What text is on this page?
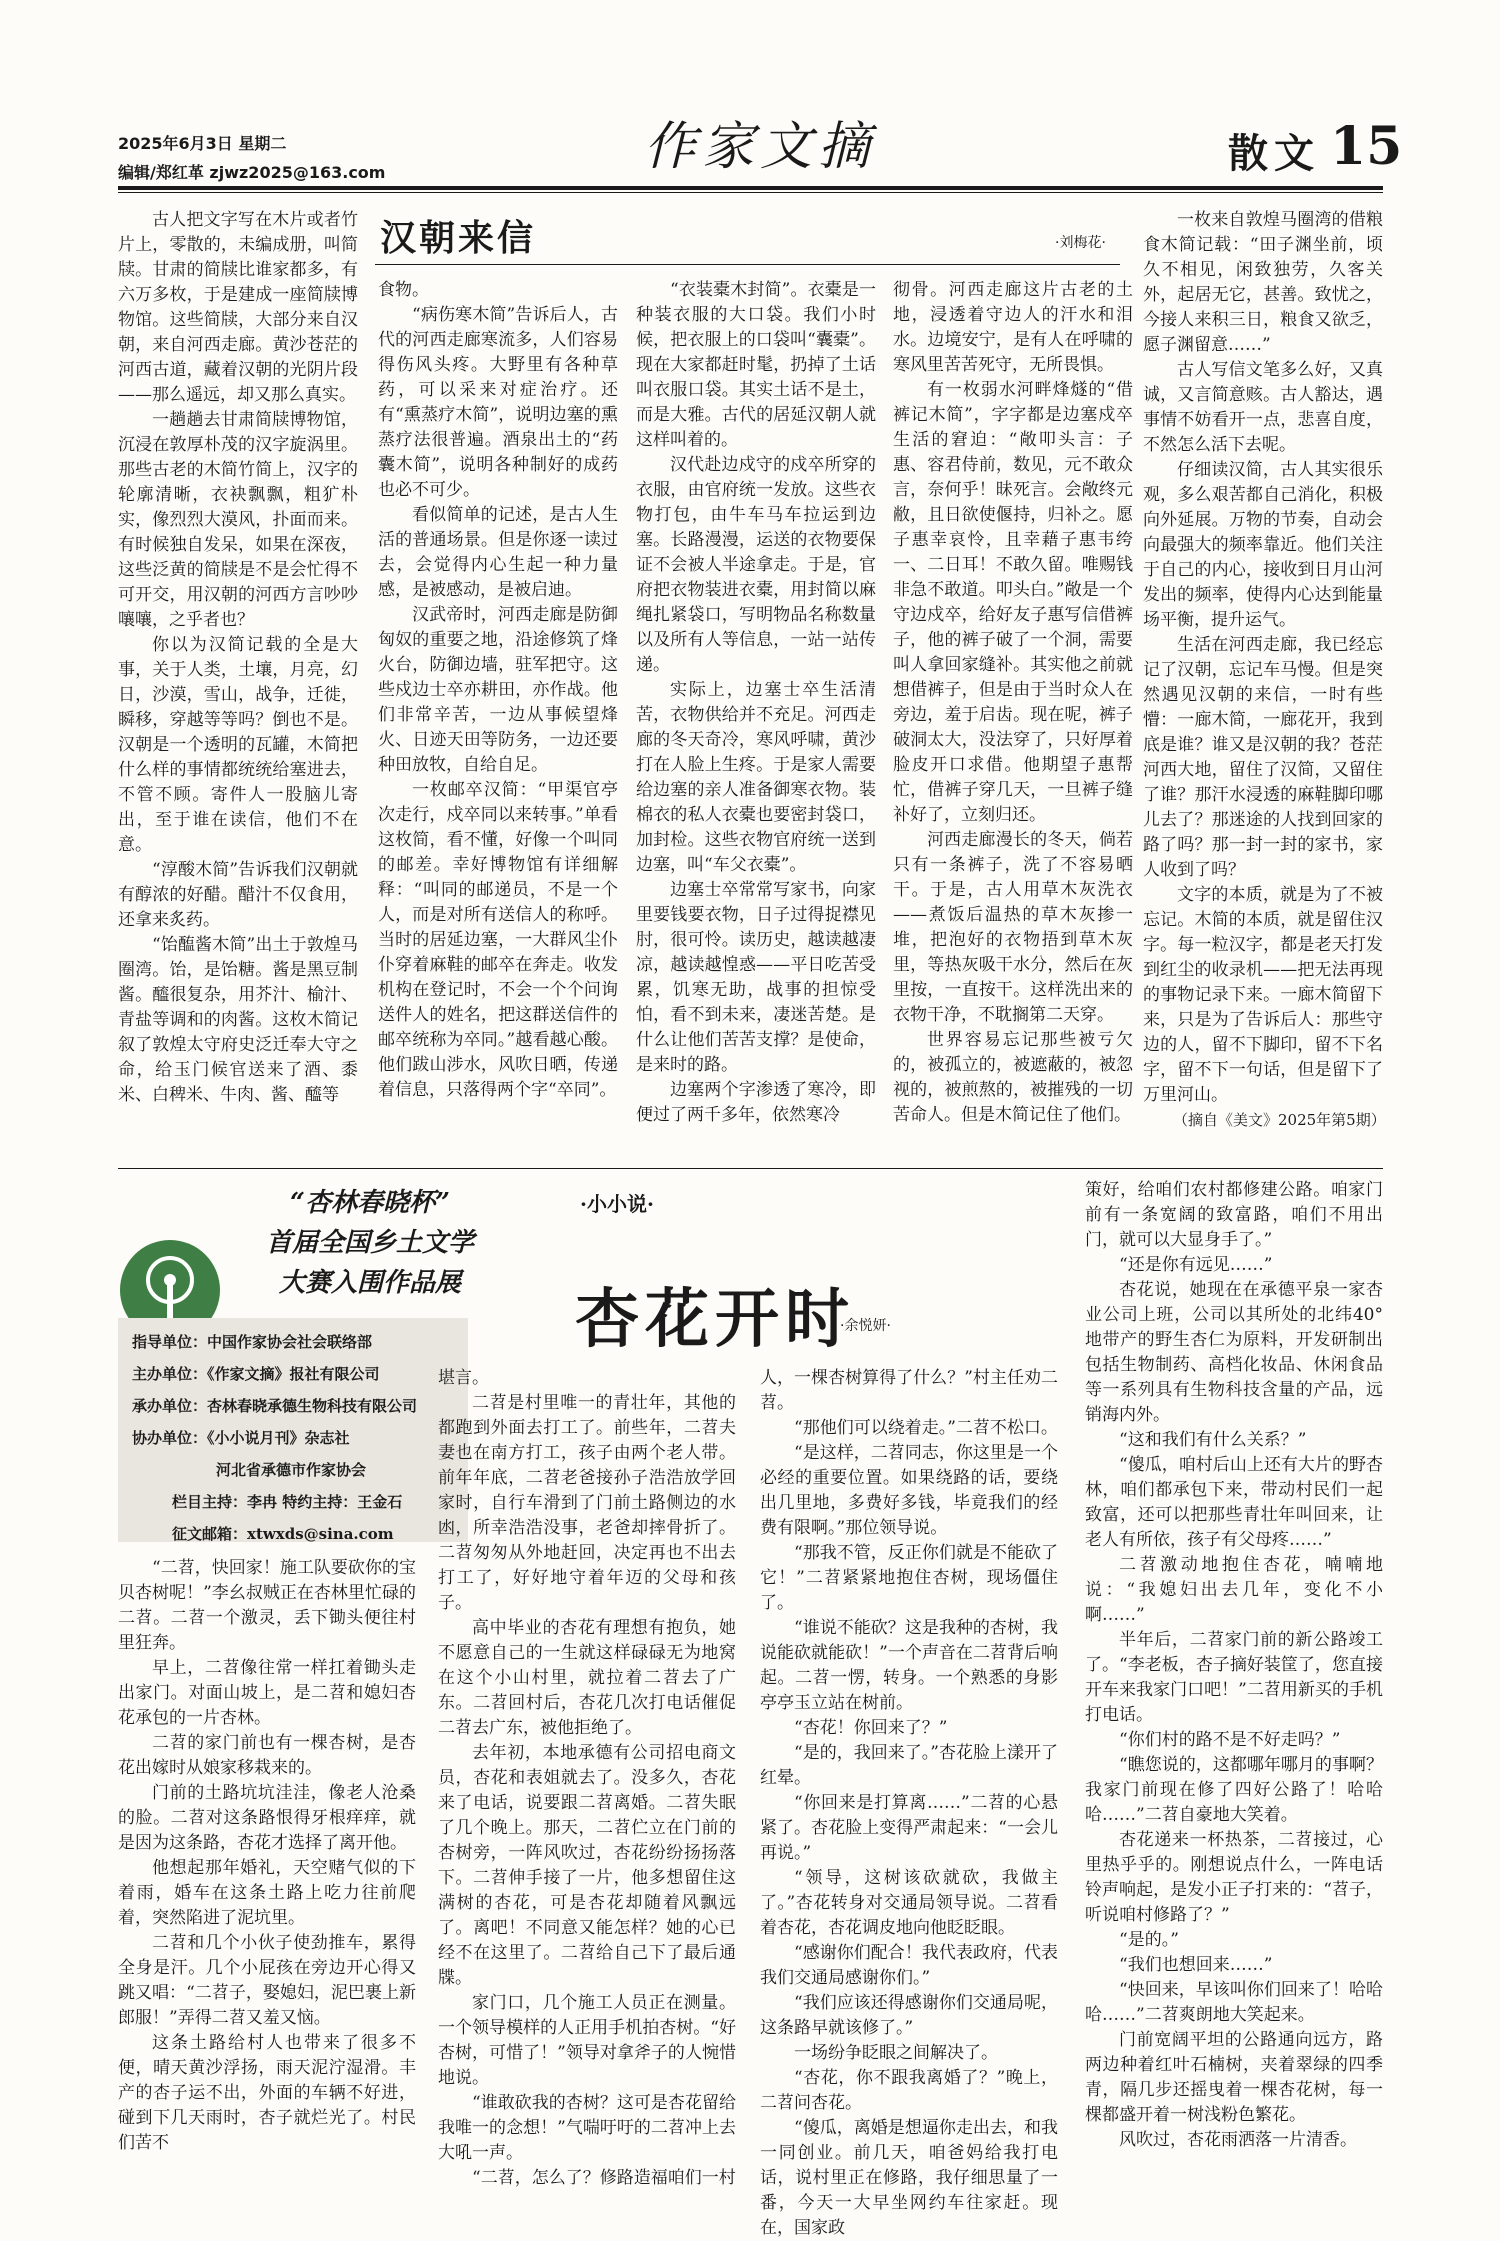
2025年6月3日 星期二
编辑/郑红革 zjwz2025@163.com	作家文摘	散文 15
汉朝来信	·刘梅花·

古人把文字写在木片或者竹片上，零散的，未编成册，叫简牍。甘肃的简牍比谁家都多，有六万多枚，于是建成一座简牍博物馆。这些简牍，大部分来自汉朝，来自河西走廊。黄沙苍茫的河西古道，藏着汉朝的光阴片段——那么遥远，却又那么真实。

一趟趟去甘肃简牍博物馆，沉浸在敦厚朴茂的汉字旋涡里。那些古老的木简竹简上，汉字的轮廓清晰，衣袂飘飘，粗犷朴实，像烈烈大漠风，扑面而来。有时候独自发呆，如果在深夜，这些泛黄的简牍是不是会忙得不可开交，用汉朝的河西方言吵吵嚷嚷，之乎者也？

你以为汉简记载的全是大事，关于人类，土壤，月亮，幻日，沙漠，雪山，战争，迁徙，瞬移，穿越等等吗？倒也不是。汉朝是一个透明的瓦罐，木简把什么样的事情都统统给塞进去，不管不顾。寄件人一股脑儿寄出，至于谁在读信，他们不在意。

“淳酸木简”告诉我们汉朝就有醇浓的好醋。醋汁不仅食用，还拿来炙药。

“饴醢酱木简”出土于敦煌马圈湾。饴，是饴糖。酱是黑豆制酱。醯很复杂，用芥汁、榆汁、青盐等调和的肉酱。这枚木简记叙了敦煌太守府史泛迁奉大守之命，给玉门候官送来了酒、黍米、白稗米、牛肉、酱、醯等

食物。

“病伤寒木简”告诉后人，古代的河西走廊寒流多，人们容易得伤风头疼。大野里有各种草药，可以采来对症治疗。还有“熏蒸疗木简”，说明边塞的熏蒸疗法很普遍。酒泉出土的“药囊木简”，说明各种制好的成药也必不可少。

看似简单的记述，是古人生活的普通场景。但是你逐一读过去，会觉得内心生起一种力量感，是被感动，是被启迪。

汉武帝时，河西走廊是防御匈奴的重要之地，沿途修筑了烽火台，防御边墙，驻军把守。这些戍边士卒亦耕田，亦作战。他们非常辛苦，一边从事候望烽火、日迹天田等防务，一边还要种田放牧，自给自足。

一枚邮卒汉简：“甲渠官亭次走行，戍卒同以来转事。”单看这枚简，看不懂，好像一个叫同的邮差。幸好博物馆有详细解释：“叫同的邮递员，不是一个人，而是对所有送信人的称呼。当时的居延边塞，一大群风尘仆仆穿着麻鞋的邮卒在奔走。收发机构在登记时，不会一个个问询送件人的姓名，把这群送信件的邮卒统称为卒同。”越看越心酸。他们跋山涉水，风吹日晒，传递着信息，只落得两个字“卒同”。

“衣装橐木封简”。衣橐是一种装衣服的大口袋。我们小时候，把衣服上的口袋叫“囊橐”。现在大家都赶时髦，扔掉了土话叫衣服口袋。其实土话不是土，而是大雅。古代的居延汉朝人就这样叫着的。

汉代赴边戍守的戍卒所穿的衣服，由官府统一发放。这些衣物打包，由牛车马车拉运到边塞。长路漫漫，运送的衣物要保证不会被人半途拿走。于是，官府把衣物装进衣橐，用封简以麻绳扎紧袋口，写明物品名称数量以及所有人等信息，一站一站传递。

实际上，边塞士卒生活清苦，衣物供给并不充足。河西走廊的冬天奇冷，寒风呼啸，黄沙打在人脸上生疼。于是家人需要给边塞的亲人准备御寒衣物。装棉衣的私人衣橐也要密封袋口，加封检。这些衣物官府统一送到边塞，叫“车父衣橐”。

边塞士卒常常写家书，向家里要钱要衣物，日子过得捉襟见肘，很可怜。读历史，越读越凄凉，越读越惶惑——平日吃苦受累，饥寒无助，战事的担惊受怕，看不到未来，凄迷苦楚。是什么让他们苦苦支撑？是使命，是来时的路。

边塞两个字渗透了寒冷，即便过了两千多年，依然寒冷

彻骨。河西走廊这片古老的土地，浸透着守边人的汗水和泪水。边境安宁，是有人在呼啸的寒风里苦苦死守，无所畏惧。

有一枚弱水河畔烽燧的“借裤记木简”，字字都是边塞戍卒生活的窘迫：“敞叩头言：子惠、容君侍前，数见，元不敢众言，奈何乎！昧死言。会敞终元敝，且日欲使偃持，归补之。愿子惠幸哀怜，且幸藉子惠韦绔一、二日耳！不敢久留。唯赐钱非急不敢道。叩头白。”敞是一个守边戍卒，给好友子惠写信借裤子，他的裤子破了一个洞，需要叫人拿回家缝补。其实他之前就想借裤子，但是由于当时众人在旁边，羞于启齿。现在呢，裤子破洞太大，没法穿了，只好厚着脸皮开口求借。他期望子惠帮忙，借裤子穿几天，一旦裤子缝补好了，立刻归还。

河西走廊漫长的冬天，倘若只有一条裤子，洗了不容易晒干。于是，古人用草木灰洗衣——煮饭后温热的草木灰掺一堆，把泡好的衣物捂到草木灰里，等热灰吸干水分，然后在灰里按，一直按干。这样洗出来的衣物干净，不耽搁第二天穿。

世界容易忘记那些被亏欠的，被孤立的，被遮蔽的，被忽视的，被煎熬的，被摧残的一切苦命人。但是木简记住了他们。

一枚来自敦煌马圈湾的借粮食木简记载：“田子渊坐前，顷久不相见，闲致独劳，久客关外，起居无它，甚善。致忧之，今接人来积三日，粮食又欲乏，愿子渊留意……”

古人写信文笔多么好，又真诚，又言简意赅。古人豁达，遇事情不妨看开一点，悲喜自度，不然怎么活下去呢。

仔细读汉简，古人其实很乐观，多么艰苦都自己消化，积极向外延展。万物的节奏，自动会向最强大的频率靠近。他们关注于自己的内心，接收到日月山河发出的频率，使得内心达到能量场平衡，提升运气。

生活在河西走廊，我已经忘记了汉朝，忘记车马慢。但是突然遇见汉朝的来信，一时有些懵：一廊木简，一廊花开，我到底是谁？谁又是汉朝的我？苍茫河西大地，留住了汉简，又留住了谁？那汗水浸透的麻鞋脚印哪儿去了？那迷途的人找到回家的路了吗？那一封一封的家书，家人收到了吗？

文字的本质，就是为了不被忘记。木简的本质，就是留住汉字。每一粒汉字，都是老天打发到红尘的收录机——把无法再现的事物记录下来。一廊木简留下来，只是为了告诉后人：那些守边的人，留不下脚印，留不下名字，留不下一句话，但是留下了万里河山。

（摘自《美文》2025年第5期）

“杏林春晓杯”
首届全国乡土文学
大赛入围作品展
指导单位：中国作家协会社会联络部
主办单位：《作家文摘》报社有限公司
承办单位：杏林春晓承德生物科技有限公司
协办单位：《小小说月刊》杂志社
河北省承德市作家协会
栏目主持：李冉 特约主持：王金石
征文邮箱：xtwxds@sina.com
·小小说·
杏花开时
·余悦妍·

“二苕，快回家！施工队要砍你的宝贝杏树呢！”李幺叔贼正在杏林里忙碌的二苕。二苕一个激灵，丢下锄头便往村里狂奔。

早上，二苕像往常一样扛着锄头走出家门。对面山坡上，是二苕和媳妇杏花承包的一片杏林。

二苕的家门前也有一棵杏树，是杏花出嫁时从娘家移栽来的。

门前的土路坑坑洼洼，像老人沧桑的脸。二苕对这条路恨得牙根痒痒，就是因为这条路，杏花才选择了离开他。

他想起那年婚礼，天空赌气似的下着雨，婚车在这条土路上吃力往前爬着，突然陷进了泥坑里。

二苕和几个小伙子使劲推车，累得全身是汗。几个小屁孩在旁边开心得又跳又唱：“二苕子，娶媳妇，泥巴裹上新郎服！”弄得二苕又羞又恼。

这条土路给村人也带来了很多不便，晴天黄沙浮扬，雨天泥泞湿滑。丰产的杏子运不出，外面的车辆不好进，碰到下几天雨时，杏子就烂光了。村民们苦不

堪言。

二苕是村里唯一的青壮年，其他的都跑到外面去打工了。前些年，二苕夫妻也在南方打工，孩子由两个老人带。前年年底，二苕老爸接孙子浩浩放学回家时，自行车滑到了门前土路侧边的水凼，所幸浩浩没事，老爸却摔骨折了。二苕匆匆从外地赶回，决定再也不出去打工了，好好地守着年迈的父母和孩子。

高中毕业的杏花有理想有抱负，她不愿意自己的一生就这样碌碌无为地窝在这个小山村里，就拉着二苕去了广东。二苕回村后，杏花几次打电话催促二苕去广东，被他拒绝了。

去年初，本地承德有公司招电商文员，杏花和表姐就去了。没多久，杏花来了电话，说要跟二苕离婚。二苕失眠了几个晚上。那天，二苕伫立在门前的杏树旁，一阵风吹过，杏花纷纷扬扬落下。二苕伸手接了一片，他多想留住这满树的杏花，可是杏花却随着风飘远了。离吧！不同意又能怎样？她的心已经不在这里了。二苕给自己下了最后通牒。

家门口，几个施工人员正在测量。一个领导模样的人正用手机拍杏树。“好杏树，可惜了！”领导对拿斧子的人惋惜地说。

“谁敢砍我的杏树？这可是杏花留给我唯一的念想！”气喘吁吁的二苕冲上去大吼一声。

“二苕，怎么了？修路造福咱们一村

人，一棵杏树算得了什么？”村主任劝二苕。

“那他们可以绕着走。”二苕不松口。

“是这样，二苕同志，你这里是一个必经的重要位置。如果绕路的话，要绕出几里地，多费好多钱，毕竟我们的经费有限啊。”那位领导说。

“那我不管，反正你们就是不能砍了它！”二苕紧紧地抱住杏树，现场僵住了。

“谁说不能砍？这是我种的杏树，我说能砍就能砍！”一个声音在二苕背后响起。二苕一愣，转身。一个熟悉的身影亭亭玉立站在树前。

“杏花！你回来了？”

“是的，我回来了。”杏花脸上漾开了红晕。

“你回来是打算离……”二苕的心悬紧了。杏花脸上变得严肃起来：“一会儿再说。”

“领导，这树该砍就砍，我做主了。”杏花转身对交通局领导说。二苕看着杏花，杏花调皮地向他眨眨眼。

“感谢你们配合！我代表政府，代表我们交通局感谢你们。”

“我们应该还得感谢你们交通局呢，这条路早就该修了。”

一场纷争眨眼之间解决了。

“杏花，你不跟我离婚了？”晚上，二苕问杏花。

“傻瓜，离婚是想逼你走出去，和我一同创业。前几天，咱爸妈给我打电话，说村里正在修路，我仔细思量了一番，今天一大早坐网约车往家赶。现在，国家政

策好，给咱们农村都修建公路。咱家门前有一条宽阔的致富路，咱们不用出门，就可以大显身手了。”

“还是你有远见……”

杏花说，她现在在承德平泉一家杏业公司上班，公司以其所处的北纬40°地带产的野生杏仁为原料，开发研制出包括生物制药、高档化妆品、休闲食品等一系列具有生物科技含量的产品，远销海内外。

“这和我们有什么关系？”

“傻瓜，咱村后山上还有大片的野杏林，咱们都承包下来，带动村民们一起致富，还可以把那些青壮年叫回来，让老人有所依，孩子有父母疼……”

二苕激动地抱住杏花，喃喃地说：“我媳妇出去几年，变化不小啊……”

半年后，二苕家门前的新公路竣工了。“李老板，杏子摘好装筐了，您直接开车来我家门口吧！”二苕用新买的手机打电话。

“你们村的路不是不好走吗？”

“瞧您说的，这都哪年哪月的事啊？我家门前现在修了四好公路了！哈哈哈……”二苕自豪地大笑着。

杏花递来一杯热茶，二苕接过，心里热乎乎的。刚想说点什么，一阵电话铃声响起，是发小正子打来的：“苕子，听说咱村修路了？”

“是的。”

“我们也想回来……”

“快回来，早该叫你们回来了！哈哈哈……”二苕爽朗地大笑起来。

门前宽阔平坦的公路通向远方，路两边种着红叶石楠树，夹着翠绿的四季青，隔几步还摇曳着一棵杏花树，每一棵都盛开着一树浅粉色繁花。

风吹过，杏花雨洒落一片清香。
